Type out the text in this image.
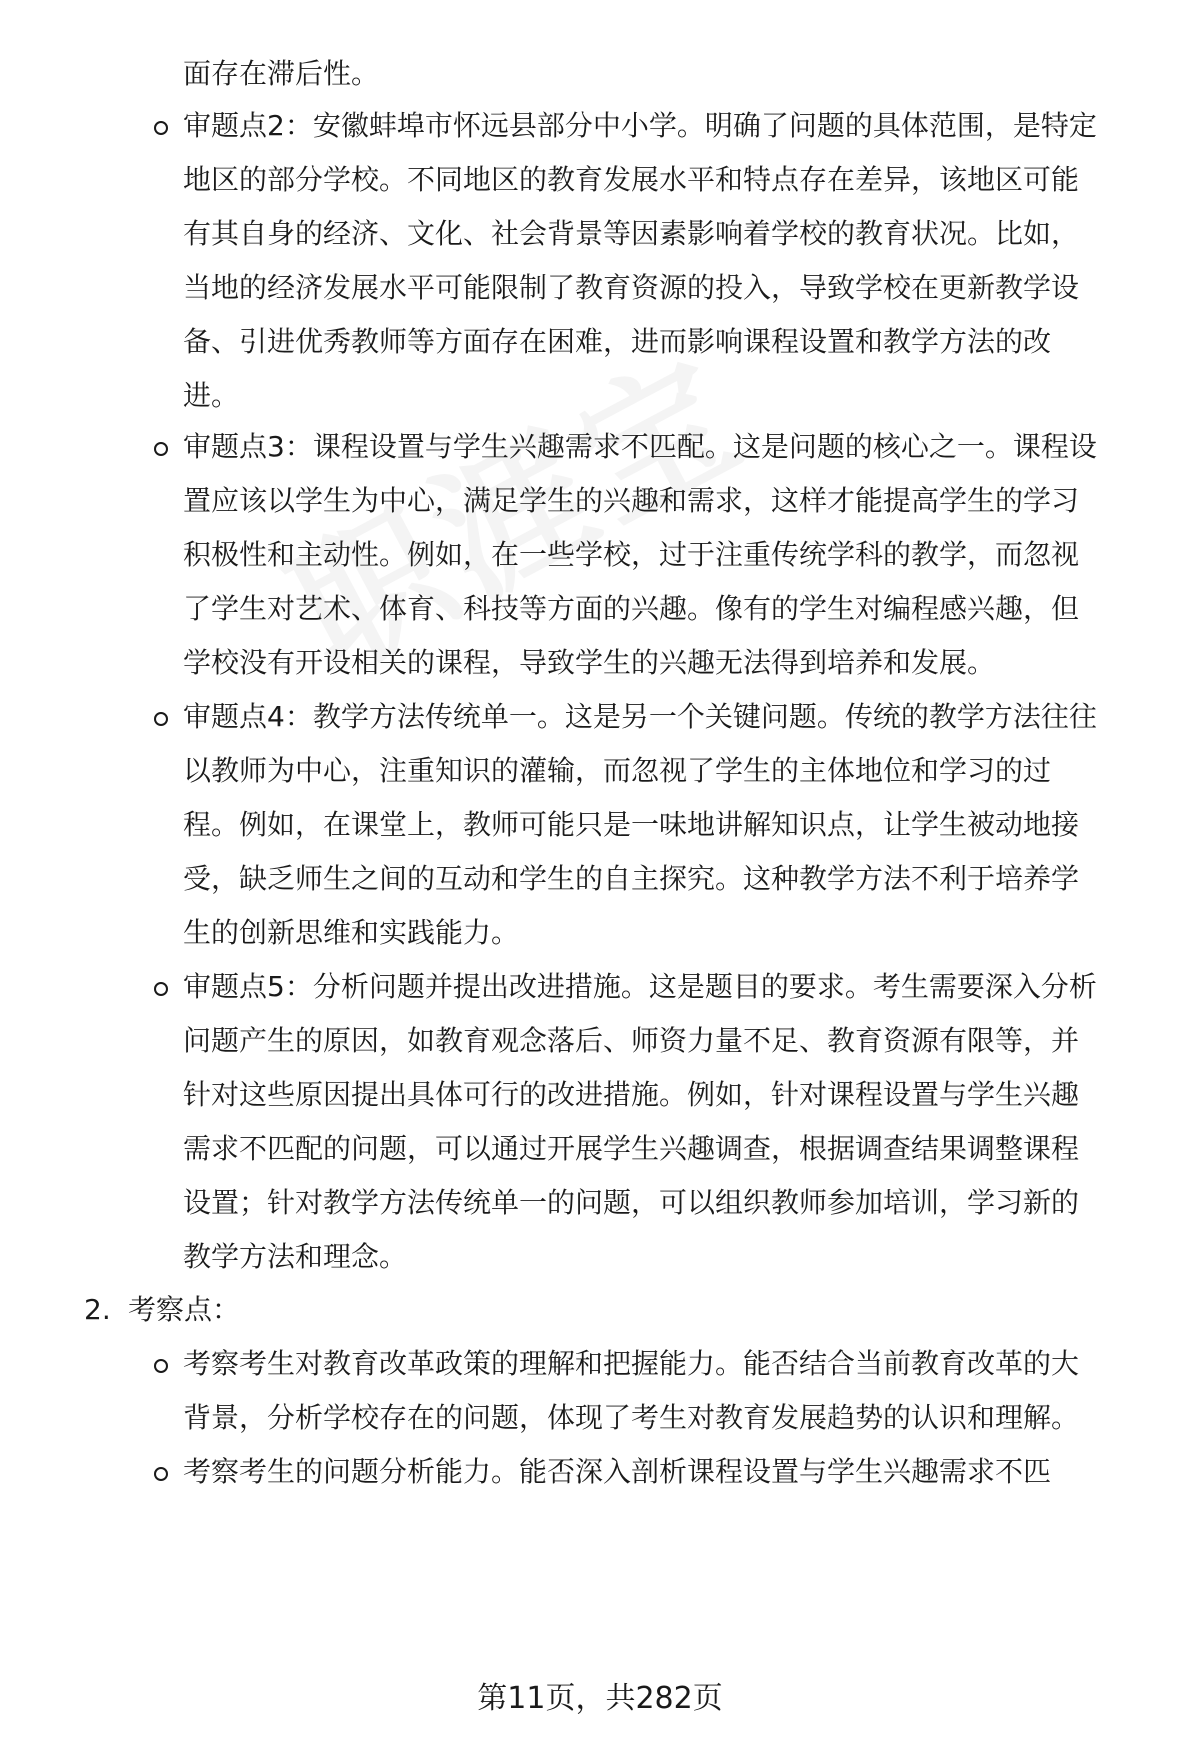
面存在滞后性。
审题点2：安徽蚌埠市怀远县部分中小学。明确了问题的具体范围，是特定
地区的部分学校。不同地区的教育发展水平和特点存在差异，该地区可能
有其自身的经济、文化、社会背景等因素影响着学校的教育状况。比如，
当地的经济发展水平可能限制了教育资源的投入，导致学校在更新教学设
备、引进优秀教师等方面存在困难，进而影响课程设置和教学方法的改
进。
审题点3：课程设置与学生兴趣需求不匹配。这是问题的核心之一。课程设
置应该以学生为中心，满足学生的兴趣和需求，这样才能提高学生的学习
积极性和主动性。例如，在一些学校，过于注重传统学科的教学，而忽视
了学生对艺术、体育、科技等方面的兴趣。像有的学生对编程感兴趣，但
学校没有开设相关的课程，导致学生的兴趣无法得到培养和发展。
审题点4：教学方法传统单一。这是另一个关键问题。传统的教学方法往往
以教师为中心，注重知识的灌输，而忽视了学生的主体地位和学习的过
程。例如，在课堂上，教师可能只是一味地讲解知识点，让学生被动地接
受，缺乏师生之间的互动和学生的自主探究。这种教学方法不利于培养学
生的创新思维和实践能力。
审题点5：分析问题并提出改进措施。这是题目的要求。考生需要深入分析
问题产生的原因，如教育观念落后、师资力量不足、教育资源有限等，并
针对这些原因提出具体可行的改进措施。例如，针对课程设置与学生兴趣
需求不匹配的问题，可以通过开展学生兴趣调查，根据调查结果调整课程
设置；针对教学方法传统单一的问题，可以组织教师参加培训，学习新的
教学方法和理念。
2. 考察点：
考察考生对教育改革政策的理解和把握能力。能否结合当前教育改革的大
背景，分析学校存在的问题，体现了考生对教育发展趋势的认识和理解。
考察考生的问题分析能力。能否深入剖析课程设置与学生兴趣需求不匹
第11页，共282页
